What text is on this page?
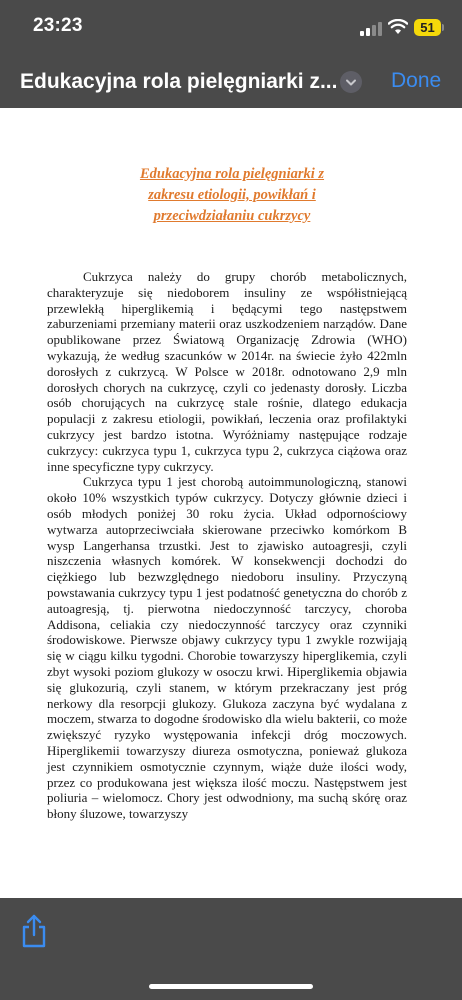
23:23	51
Edukacyjna rola pielęgniarki z...	Done
Edukacyjna rola pielęgniarki z zakresu etiologii, powikłań i przeciwdziałaniu cukrzycy

Cukrzyca należy do grupy chorób metabolicznych, charakteryzuje się niedoborem insuliny ze współistniejącą przewlekłą hiperglikemią i będącymi tego następstwem zaburzeniami przemiany materii oraz uszkodzeniem narządów. Dane opublikowane przez Światową Organizację Zdrowia (WHO) wykazują, że według szacunków w 2014r. na świecie żyło 422mln dorosłych z cukrzycą. W Polsce w 2018r. odnotowano 2,9 mln dorosłych chorych na cukrzycę, czyli co jedenasty dorosły. Liczba osób chorujących na cukrzycę stale rośnie, dlatego edukacja populacji z zakresu etiologii, powikłań, leczenia oraz profilaktyki cukrzycy jest bardzo istotna. Wyróżniamy następujące rodzaje cukrzycy: cukrzyca typu 1, cukrzyca typu 2, cukrzyca ciążowa oraz inne specyficzne typy cukrzycy.

Cukrzyca typu 1 jest chorobą autoimmunologiczną, stanowi około 10% wszystkich typów cukrzycy. Dotyczy głównie dzieci i osób młodych poniżej 30 roku życia. Układ odpornościowy wytwarza autoprzeciwciała skierowane przeciwko komórkom B wysp Langerhansa trzustki. Jest to zjawisko autoagresji, czyli niszczenia własnych komórek. W konsekwencji dochodzi do ciężkiego lub bezwzględnego niedoboru insuliny. Przyczyną powstawania cukrzycy typu 1 jest podatność genetyczna do chorób z autoagresją, tj. pierwotna niedoczynność tarczycy, choroba Addisona, celiakia czy niedoczynność tarczycy oraz czynniki środowiskowe. Pierwsze objawy cukrzycy typu 1 zwykle rozwijają się w ciągu kilku tygodni. Chorobie towarzyszy hiperglikemia, czyli zbyt wysoki poziom glukozy w osoczu krwi. Hiperglikemia objawia się glukozurią, czyli stanem, w którym przekraczany jest próg nerkowy dla resorpcji glukozy. Glukoza zaczyna być wydalana z moczem, stwarza to dogodne środowisko dla wielu bakterii, co może zwiększyć ryzyko występowania infekcji dróg moczowych. Hiperglikemii towarzyszy diureza osmotyczna, ponieważ glukoza jest czynnikiem osmotycznie czynnym, wiąże duże ilości wody, przez co produkowana jest większa ilość moczu. Następstwem jest poliuria – wielomocz. Chory jest odwodniony, ma suchą skórę oraz błony śluzowe, towarzyszy
